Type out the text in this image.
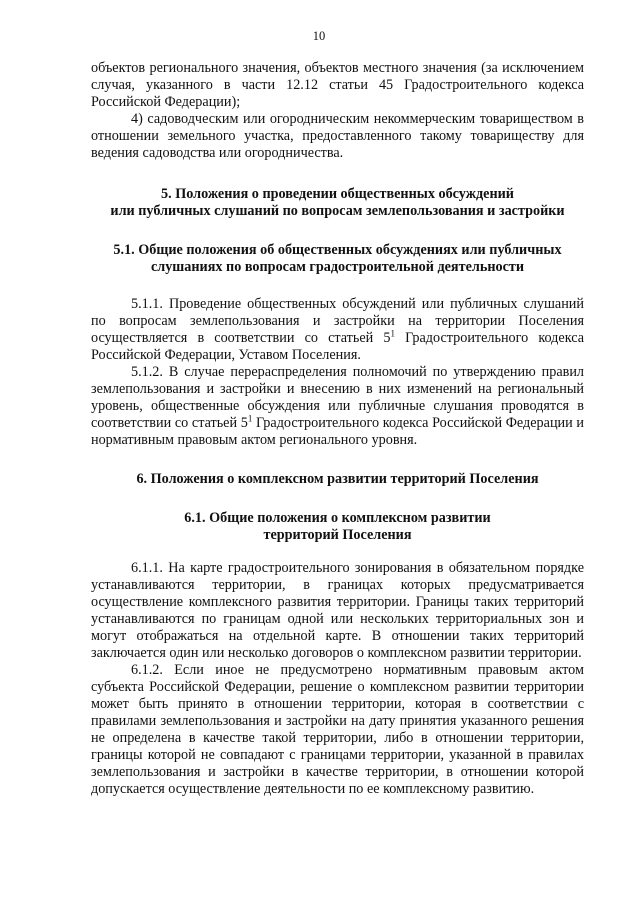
10

объектов регионального значения, объектов местного значения (за исключением случая, указанного в части 12.12 статьи 45 Градостроительного кодекса Российской Федерации);

4) садоводческим или огородническим некоммерческим товариществом в отношении земельного участка, предоставленного такому товариществу для ведения садоводства или огородничества.

5. Положения о проведении общественных обсуждений
или публичных слушаний по вопросам землепользования и застройки

5.1. Общие положения об общественных обсуждениях или публичных
слушаниях по вопросам градостроительной деятельности

5.1.1. Проведение общественных обсуждений или публичных слушаний по вопросам землепользования и застройки на территории Поселения осуществляется в соответствии со статьей $5^1$ Градостроительного кодекса Российской Федерации, Уставом Поселения.

5.1.2. В случае перераспределения полномочий по утверждению правил землепользования и застройки и внесению в них изменений на региональный уровень, общественные обсуждения или публичные слушания проводятся в соответствии со статьей $5^1$ Градостроительного кодекса Российской Федерации и нормативным правовым актом регионального уровня.

6. Положения о комплексном развитии территорий Поселения

6.1. Общие положения о комплексном развитии
территорий Поселения

6.1.1. На карте градостроительного зонирования в обязательном порядке устанавливаются территории, в границах которых предусматривается осуществление комплексного развития территории. Границы таких территорий устанавливаются по границам одной или нескольких территориальных зон и могут отображаться на отдельной карте. В отношении таких территорий заключается один или несколько договоров о комплексном развитии территории.

6.1.2. Если иное не предусмотрено нормативным правовым актом субъекта Российской Федерации, решение о комплексном развитии территории может быть принято в отношении территории, которая в соответствии с правилами землепользования и застройки на дату принятия указанного решения не определена в качестве такой территории, либо в отношении территории, границы которой не совпадают с границами территории, указанной в правилах землепользования и застройки в качестве территории, в отношении которой допускается осуществление деятельности по ее комплексному развитию.
